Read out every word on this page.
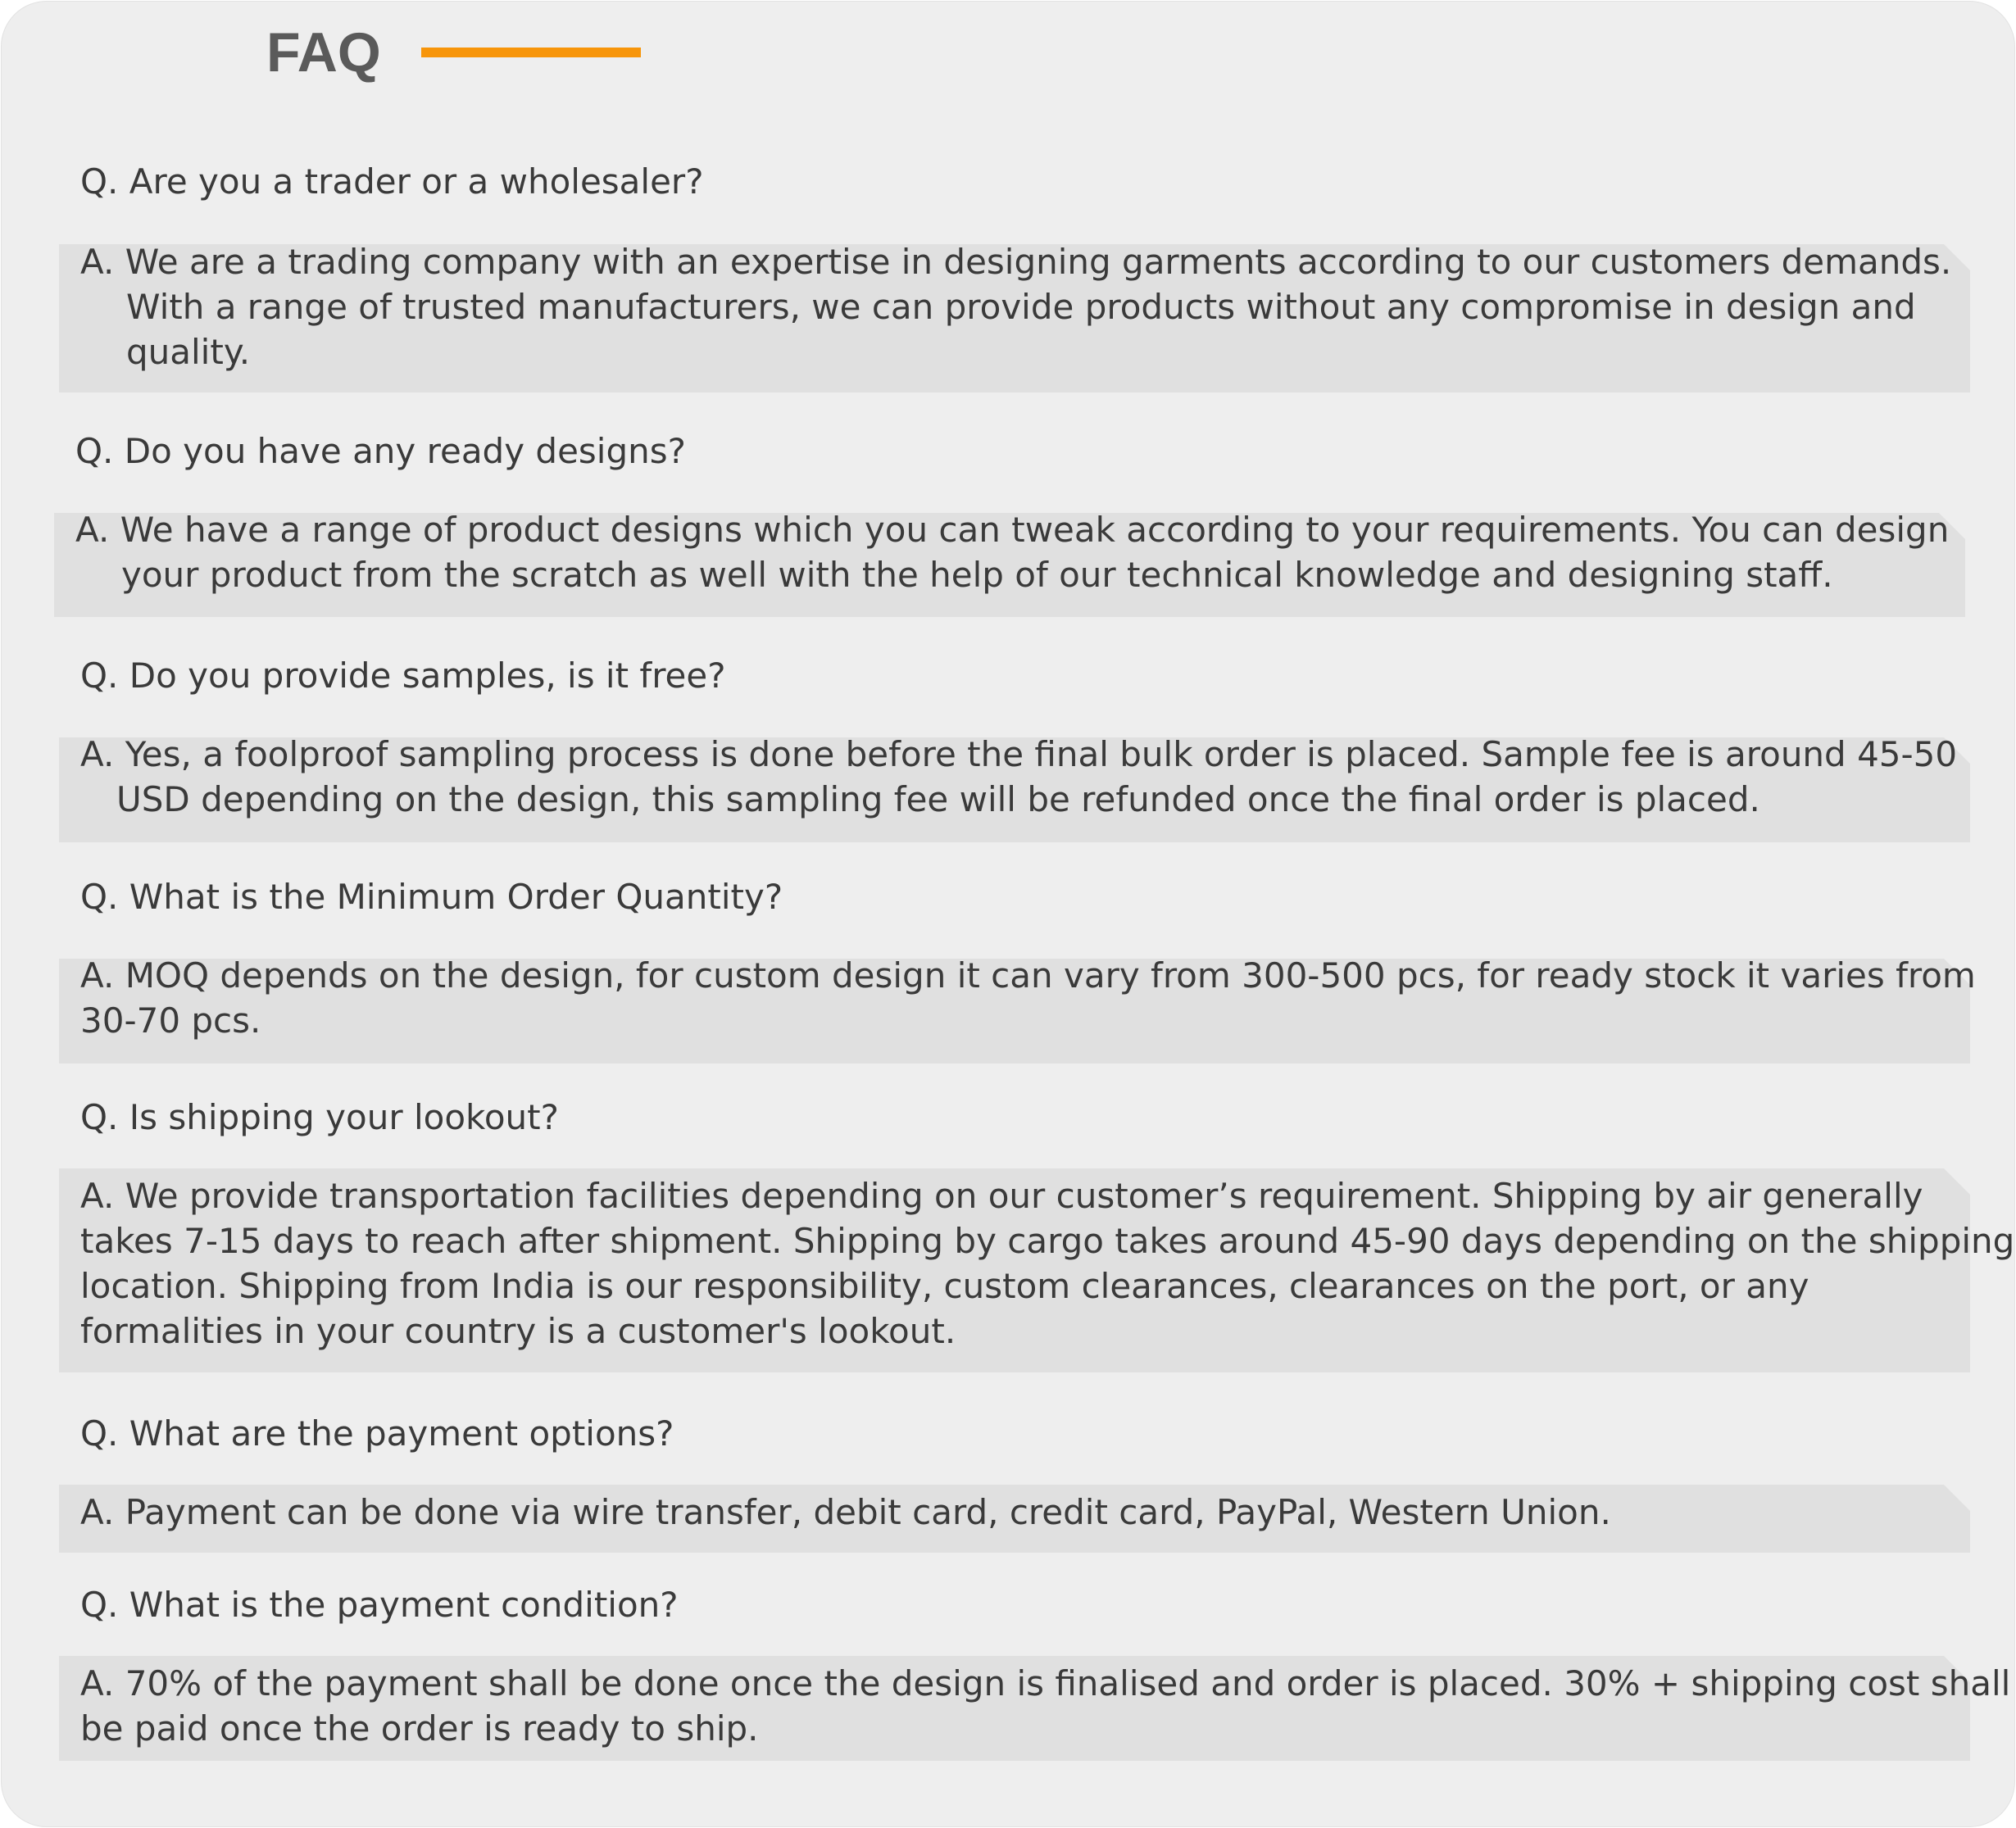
FAQ

Q. Are you a trader or a wholesaler?

A. We are a trading company with an expertise in designing garments according to our customers demands.
With a range of trusted manufacturers, we can provide products without any compromise in design and
quality.

Q. Do you have any ready designs?

A. We have a range of product designs which you can tweak according to your requirements. You can design
your product from the scratch as well with the help of our technical knowledge and designing staff.

Q. Do you provide samples, is it free?

A. Yes, a foolproof sampling process is done before the final bulk order is placed. Sample fee is around 45-50
USD depending on the design, this sampling fee will be refunded once the final order is placed.

Q. What is the Minimum Order Quantity?

A. MOQ depends on the design, for custom design it can vary from 300-500 pcs, for ready stock it varies from
30-70 pcs.

Q. Is shipping your lookout?

A. We provide transportation facilities depending on our customer’s requirement. Shipping by air generally
takes 7-15 days to reach after shipment. Shipping by cargo takes around 45-90 days depending on the shipping
location. Shipping from India is our responsibility, custom clearances, clearances on the port, or any
formalities in your country is a customer's lookout.

Q. What are the payment options?

A. Payment can be done via wire transfer, debit card, credit card, PayPal, Western Union.

Q. What is the payment condition?

A. 70% of the payment shall be done once the design is finalised and order is placed. 30% + shipping cost shall
be paid once the order is ready to ship.
